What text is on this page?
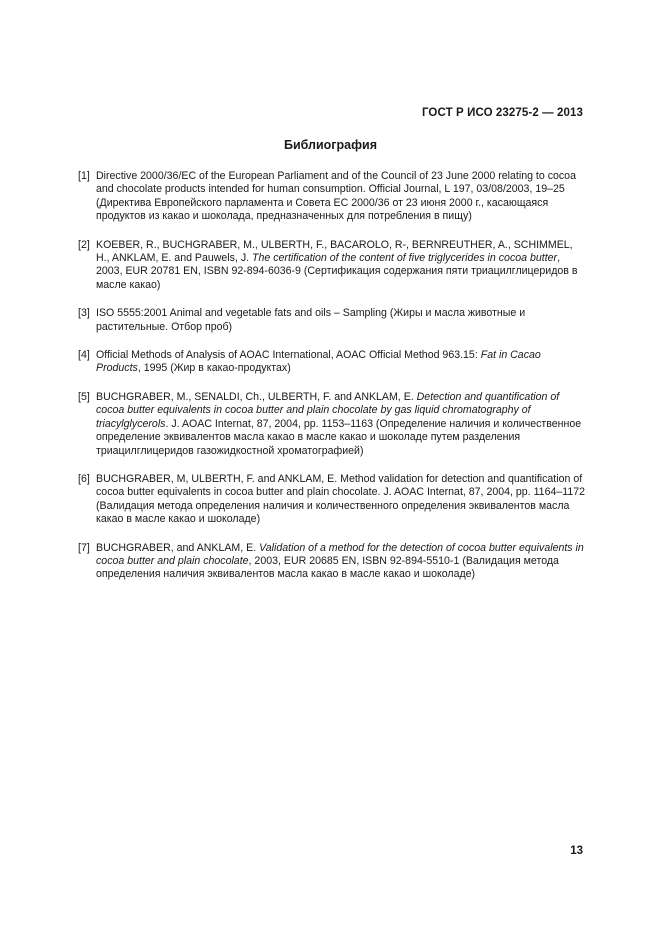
ГОСТ Р ИСО 23275-2 — 2013
Библиография
[1] Directive 2000/36/EC of the European Parliament and of the Council of 23 June 2000 relating to cocoa and chocolate products intended for human consumption. Official Journal, L 197, 03/08/2003, 19–25 (Директива Европейского парламента и Совета ЕС 2000/36 от 23 июня 2000 г., касающаяся продуктов из какао и шоколада, предназначенных для потребления в пищу)
[2] KOEBER, R., BUCHGRABER, M., ULBERTH, F., BACAROLO, R-, BERNREUTHER, A., SCHIMMEL, H., ANKLAM, E. and Pauwels, J. The certification of the content of five triglycerides in cocoa butter, 2003, EUR 20781 EN, ISBN 92-894-6036-9 (Сертификация содержания пяти триацилглицеридов в масле какао)
[3] ISO 5555:2001 Animal and vegetable fats and oils – Sampling (Жиры и масла животные и растительные. Отбор проб)
[4] Official Methods of Analysis of AOAC International, AOAC Official Method 963.15: Fat in Cacao Products, 1995 (Жир в какао-продуктах)
[5] BUCHGRABER, M., SENALDI, Ch., ULBERTH, F. and ANKLAM, E. Detection and quantification of cocoa butter equivalents in cocoa butter and plain chocolate by gas liquid chromatography of triacylglycerols. J. AOAC Internat, 87, 2004, pp. 1153–1163 (Определение наличия и количественное определение эквивалентов масла какао в масле какао и шоколаде путем разделения триацилглицеридов газожидкостной хроматографией)
[6] BUCHGRABER, M, ULBERTH, F. and ANKLAM, E. Method validation for detection and quantification of cocoa butter equivalents in cocoa butter and plain chocolate. J. AOAC Internat, 87, 2004, pp. 1164–1172 (Валидация метода определения наличия и количественного определения эквивалентов масла какао в масле какао и шоколаде)
[7] BUCHGRABER, and ANKLAM, E. Validation of a method for the detection of cocoa butter equivalents in cocoa butter and plain chocolate, 2003, EUR 20685 EN, ISBN 92-894-5510-1 (Валидация метода определения наличия эквивалентов масла какао в масле какао и шоколаде)
13
